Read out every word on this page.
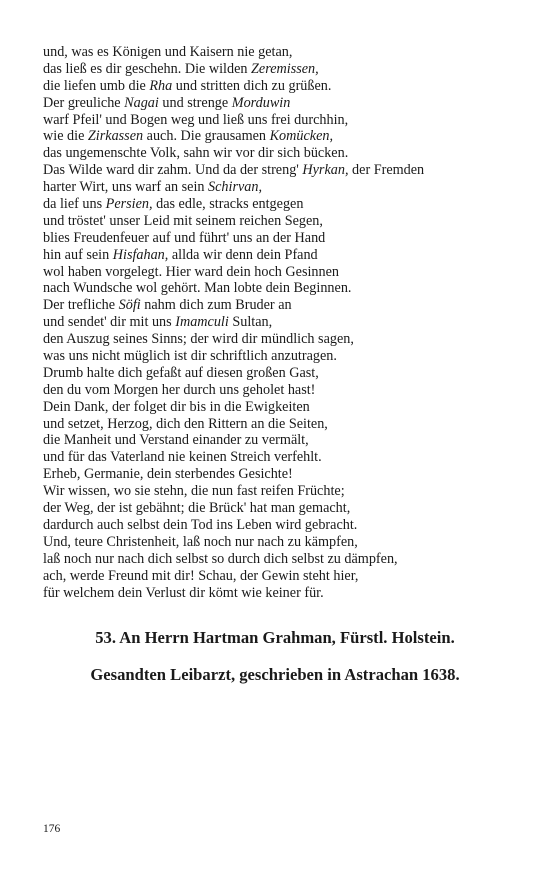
und, was es Königen und Kaisern nie getan,
das ließ es dir geschehn. Die wilden Zeremissen,
die liefen umb die Rha und stritten dich zu grüßen.
Der greuliche Nagai und strenge Morduwin
warf Pfeil' und Bogen weg und ließ uns frei durchhin,
wie die Zirkassen auch. Die grausamen Komücken,
das ungemenschte Volk, sahn wir vor dir sich bücken.
Das Wilde ward dir zahm. Und da der streng' Hyrkan, der Fremden
harter Wirt, uns warf an sein Schirvan,
da lief uns Persien, das edle, stracks entgegen
und tröstet' unser Leid mit seinem reichen Segen,
blies Freudenfeuer auf und führt' uns an der Hand
hin auf sein Hisfahan, allda wir denn dein Pfand
wol haben vorgelegt. Hier ward dein hoch Gesinnen
nach Wundsche wol gehört. Man lobte dein Beginnen.
Der trefliche Söfi nahm dich zum Bruder an
und sendet' dir mit uns Imamculi Sultan,
den Auszug seines Sinns; der wird dir mündlich sagen,
was uns nicht müglich ist dir schriftlich anzutragen.
Drumb halte dich gefaßt auf diesen großen Gast,
den du vom Morgen her durch uns geholet hast!
Dein Dank, der folget dir bis in die Ewigkeiten
und setzet, Herzog, dich den Rittern an die Seiten,
die Manheit und Verstand einander zu vermält,
und für das Vaterland nie keinen Streich verfehlt.
Erheb, Germanie, dein sterbendes Gesichte!
Wir wissen, wo sie stehn, die nun fast reifen Früchte;
der Weg, der ist gebähnt; die Brück' hat man gemacht,
dardurch auch selbst dein Tod ins Leben wird gebracht.
Und, teure Christenheit, laß noch nur nach zu kämpfen,
laß noch nur nach dich selbst so durch dich selbst zu dämpfen,
ach, werde Freund mit dir! Schau, der Gewin steht hier,
für welchem dein Verlust dir kömt wie keiner für.
53. An Herrn Hartman Grahman, Fürstl. Holstein.
Gesandten Leibarzt, geschrieben in Astrachan 1638.
176
